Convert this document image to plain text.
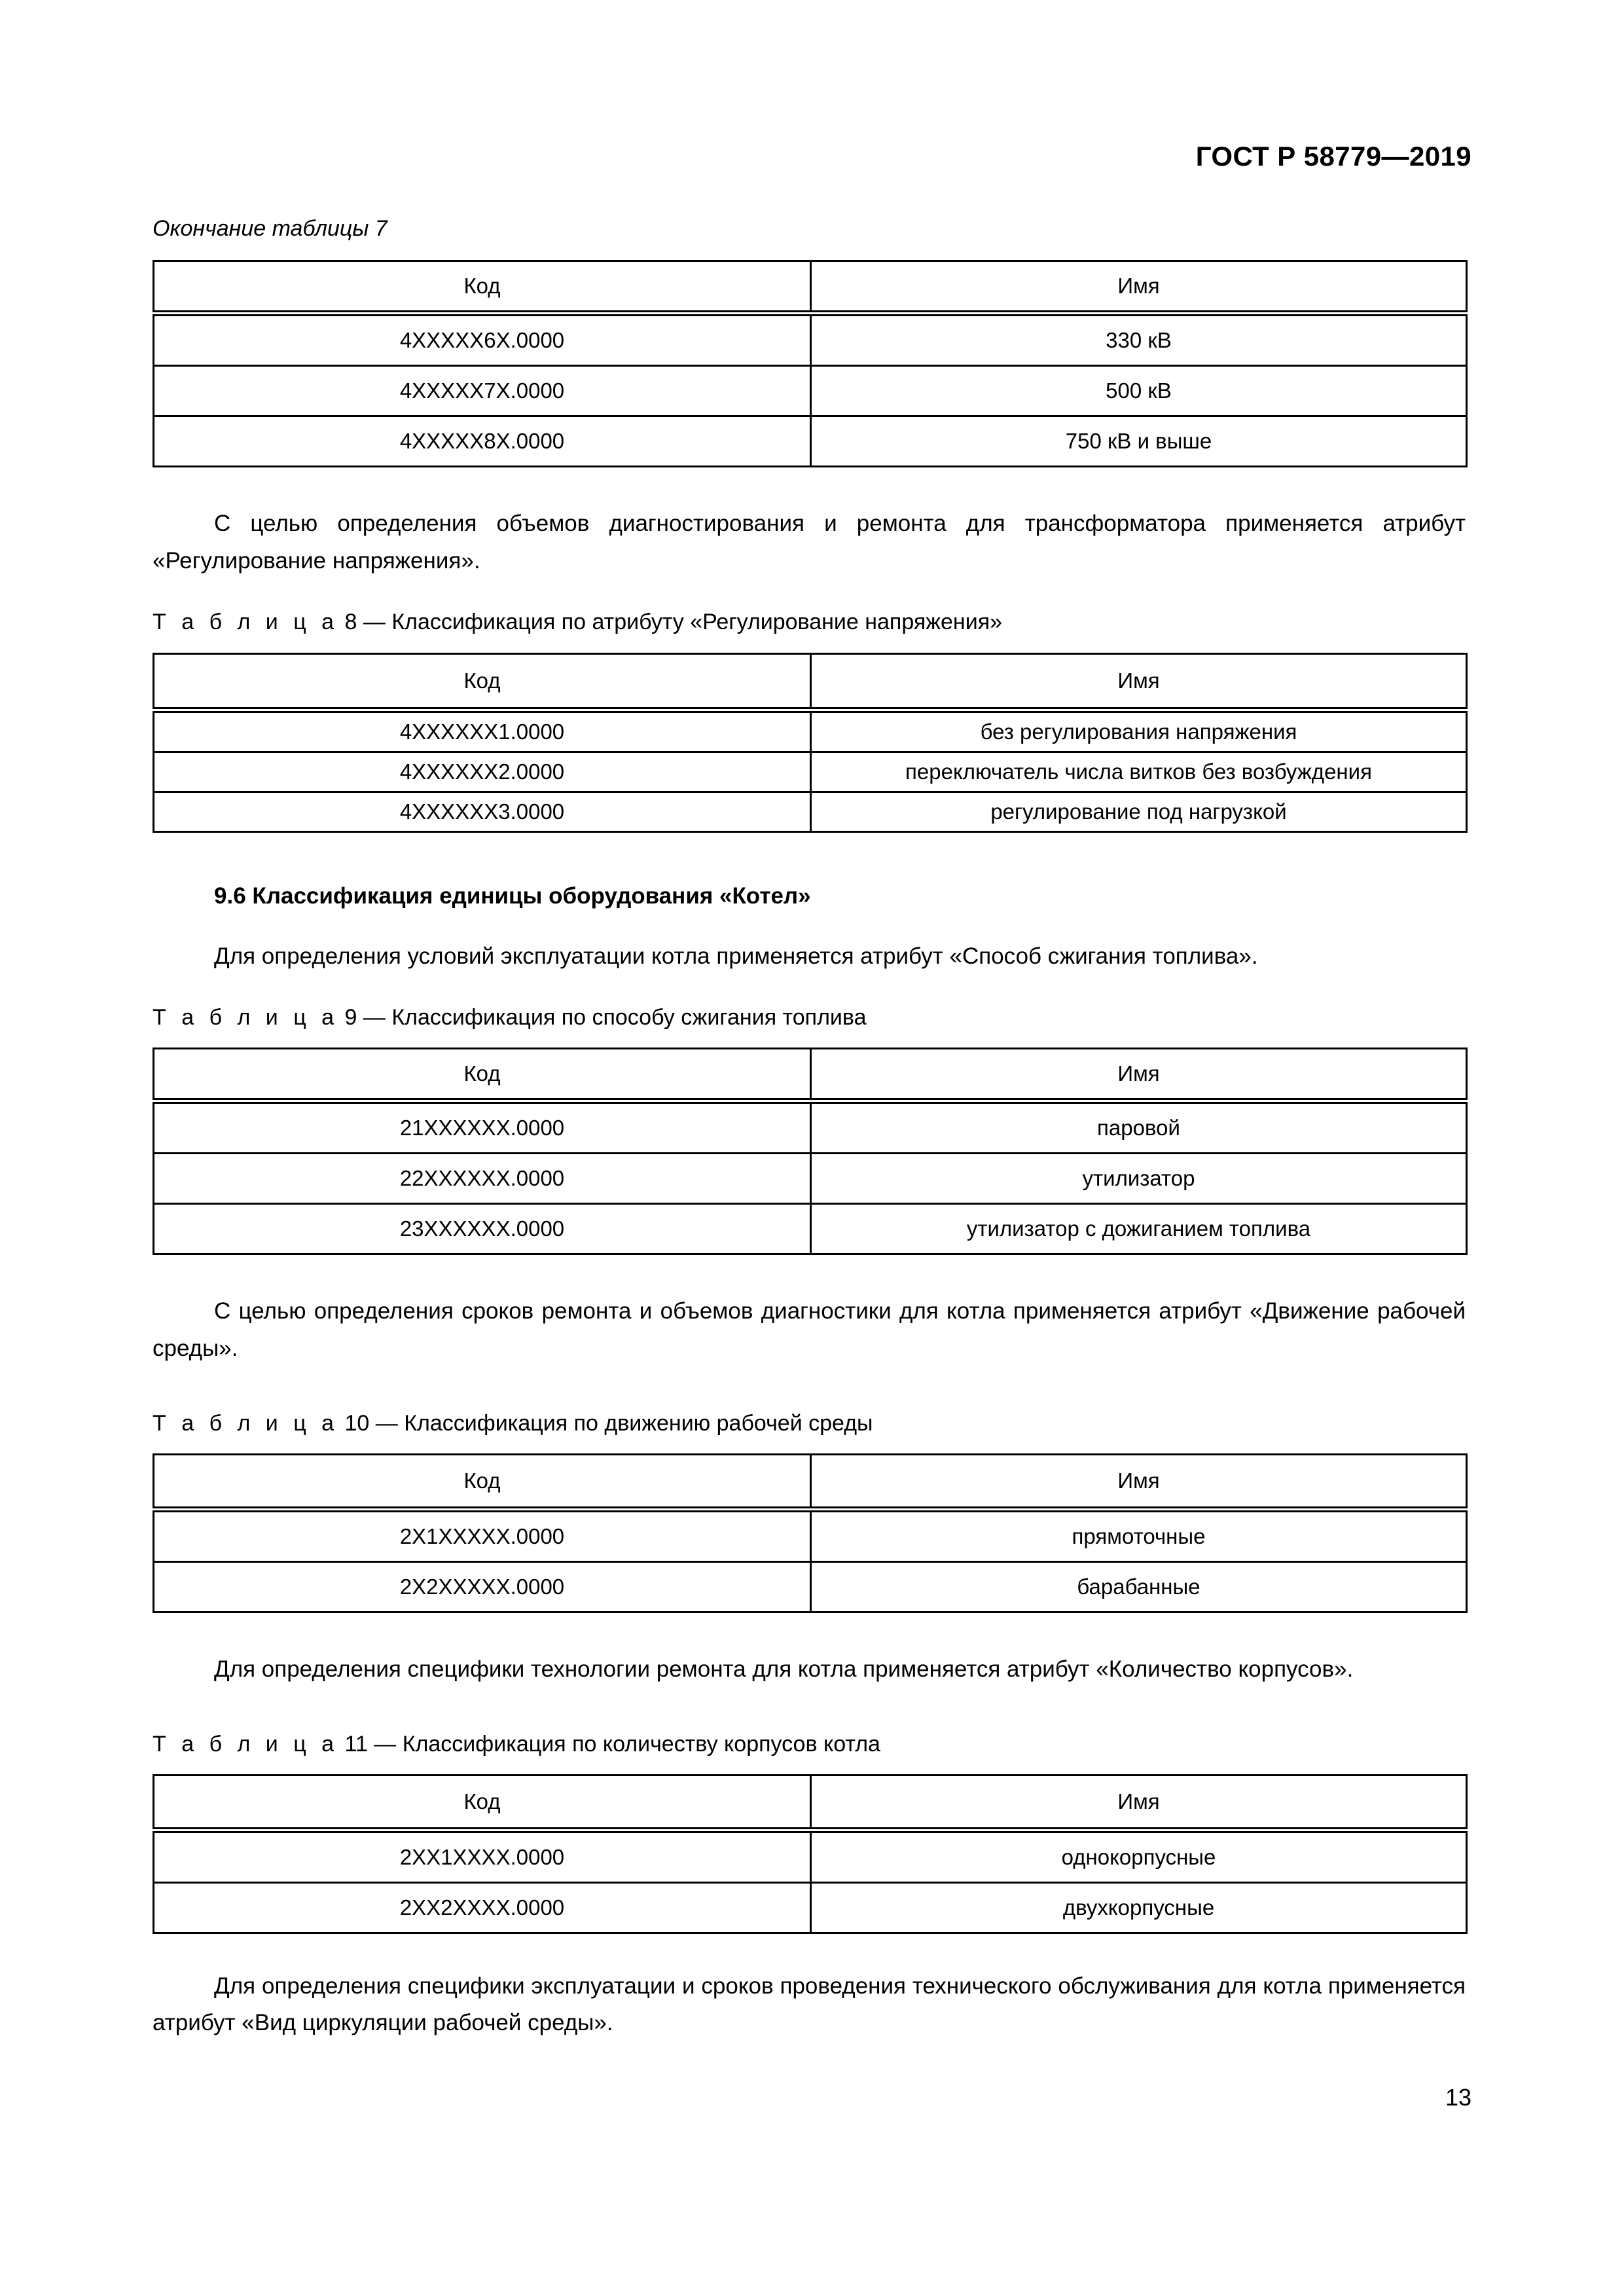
ГОСТ Р 58779—2019
Окончание таблицы 7
Код	Имя
4XXXXX6X.0000	330 кВ
4XXXXX7X.0000	500 кВ
4XXXXX8X.0000	750 кВ и выше

С целью определения объемов диагностирования и ремонта для трансформатора применяется атрибут «Регулирование напряжения».

Т а б л и ц а 8 — Классификация по атрибуту «Регулирование напряжения»
Код	Имя
4XXXXXX1.0000	без регулирования напряжения
4XXXXXX2.0000	переключатель числа витков без возбуждения
4XXXXXX3.0000	регулирование под нагрузкой
9.6 Классификация единицы оборудования «Котел»

Для определения условий эксплуатации котла применяется атрибут «Способ сжигания топлива».

Т а б л и ц а 9 — Классификация по способу сжигания топлива
Код	Имя
21XXXXXX.0000	паровой
22XXXXXX.0000	утилизатор
23XXXXXX.0000	утилизатор с дожиганием топлива

С целью определения сроков ремонта и объемов диагностики для котла применяется атрибут «Движение рабочей среды».

Т а б л и ц а 10 — Классификация по движению рабочей среды
Код	Имя
2X1XXXXX.0000	прямоточные
2X2XXXXX.0000	барабанные

Для определения специфики технологии ремонта для котла применяется атрибут «Количество корпусов».

Т а б л и ц а 11 — Классификация по количеству корпусов котла
Код	Имя
2XX1XXXX.0000	однокорпусные
2XX2XXXX.0000	двухкорпусные

Для определения специфики эксплуатации и сроков проведения технического обслуживания для котла применяется атрибут «Вид циркуляции рабочей среды».

13
